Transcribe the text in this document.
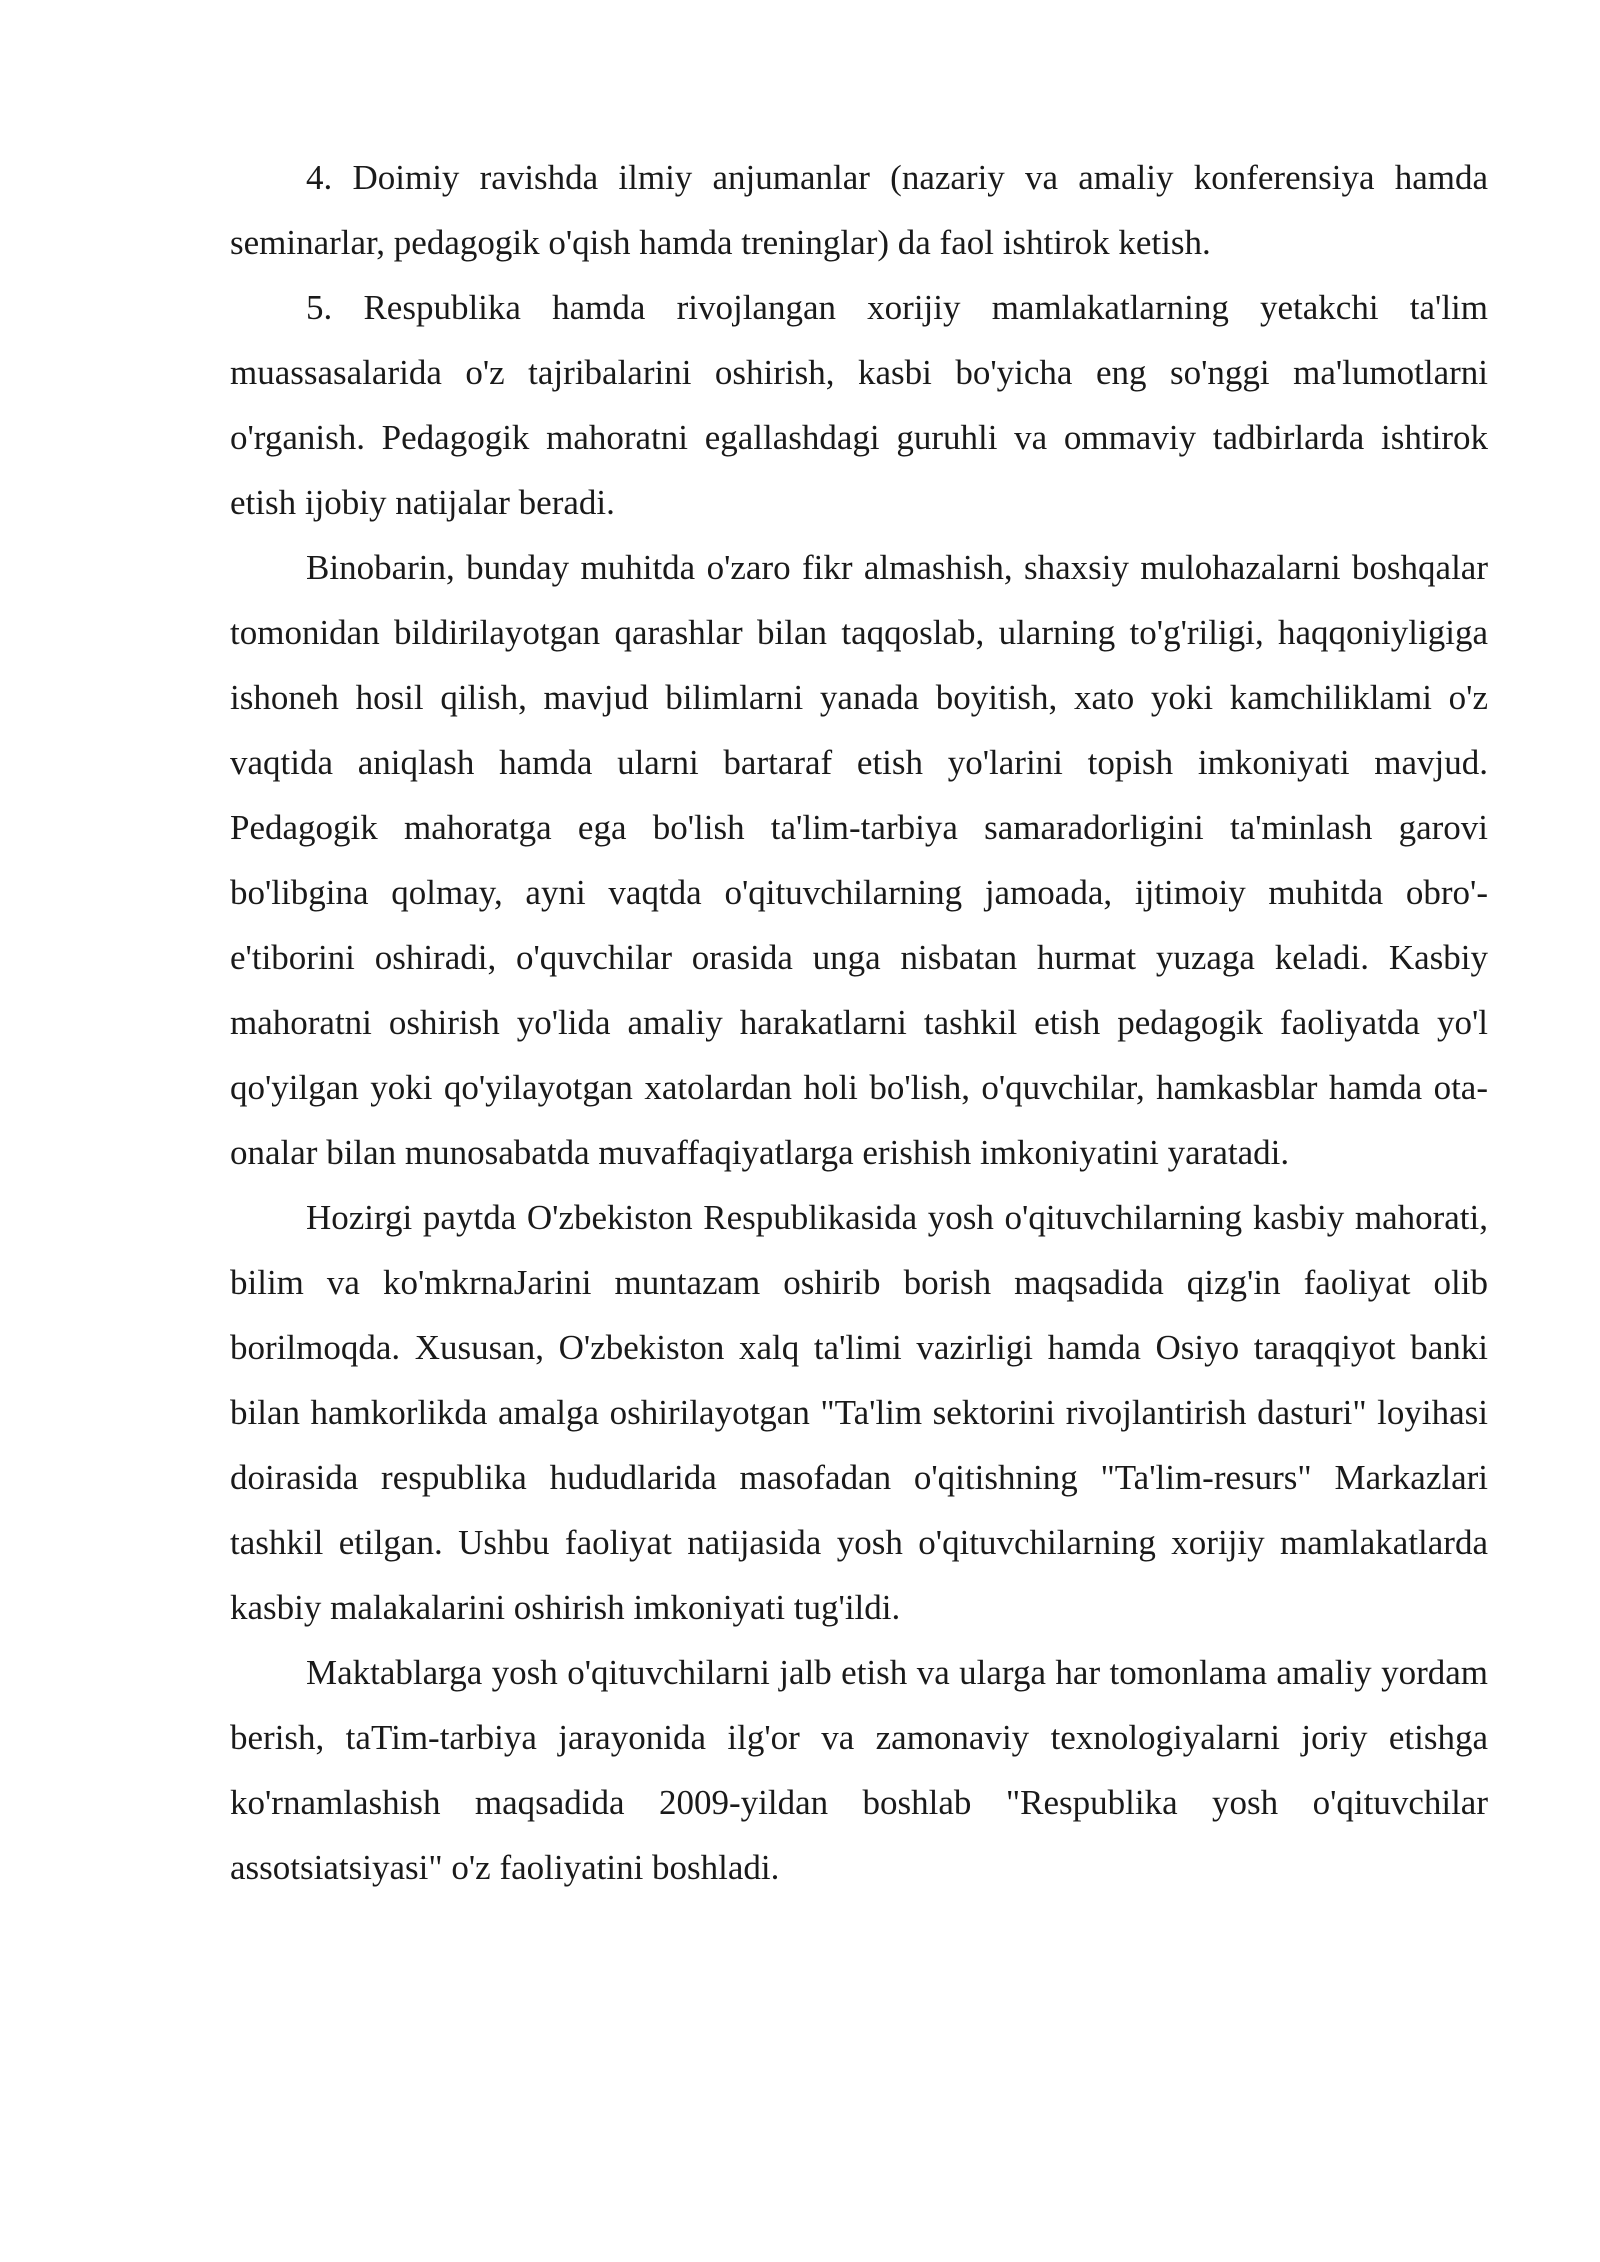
4. Doimiy ravishda ilmiy anjumanlar (nazariy va amaliy konferensiya hamda seminarlar, pedagogik o'qish hamda treninglar) da faol ishtirok ketish.

5. Respublika hamda rivojlangan xorijiy mamlakatlarning yetakchi ta'lim muassasalarida o'z tajribalarini oshirish, kasbi bo'yicha eng so'nggi ma'lumotlarni o'rganish. Pedagogik mahoratni egallashdagi guruhli va ommaviy tadbirlarda ishtirok etish ijobiy natijalar beradi.

Binobarin, bunday muhitda o'zaro fikr almashish, shaxsiy mulohazalarni boshqalar tomonidan bildirilayotgan qarashlar bilan taqqoslab, ularning to'g'riligi, haqqoniyligiga ishoneh hosil qilish, mavjud bilimlarni yanada boyitish, xato yoki kamchiliklami o'z vaqtida aniqlash hamda ularni bartaraf etish yo'larini topish imkoniyati mavjud. Pedagogik mahoratga ega bo'lish ta'lim-tarbiya samaradorligini ta'minlash garovi bo'libgina qolmay, ayni vaqtda o'qituvchilarning jamoada, ijtimoiy muhitda obro'-e'tiborini oshiradi, o'quvchilar orasida unga nisbatan hurmat yuzaga keladi. Kasbiy mahoratni oshirish yo'lida amaliy harakatlarni tashkil etish pedagogik faoliyatda yo'l qo'yilgan yoki qo'yilayotgan xatolardan holi bo'lish, o'quvchilar, hamkasblar hamda ota-onalar bilan munosabatda muvaffaqiyatlarga erishish imkoniyatini yaratadi.

Hozirgi paytda O'zbekiston Respublikasida yosh o'qituvchilarning kasbiy mahorati, bilim va ko'mkrnaJarini muntazam oshirib borish maqsadida qizg'in faoliyat olib borilmoqda. Xususan, O'zbekiston xalq ta'limi vazirligi hamda Osiyo taraqqiyot banki bilan hamkorlikda amalga oshirilayotgan "Ta'lim sektorini rivojlantirish dasturi" loyihasi doirasida respublika hududlarida masofadan o'qitishning "Ta'lim-resurs" Markazlari tashkil etilgan. Ushbu faoliyat natijasida yosh o'qituvchilarning xorijiy mamlakatlarda kasbiy malakalarini oshirish imkoniyati tug'ildi.

Maktablarga yosh o'qituvchilarni jalb etish va ularga har tomonlama amaliy yordam berish, taTim-tarbiya jarayonida ilg'or va zamonaviy texnologiyalarni joriy etishga ko'rnamlashish maqsadida 2009-yildan boshlab "Respublika yosh o'qituvchilar assotsiatsiyasi" o'z faoliyatini boshladi.
